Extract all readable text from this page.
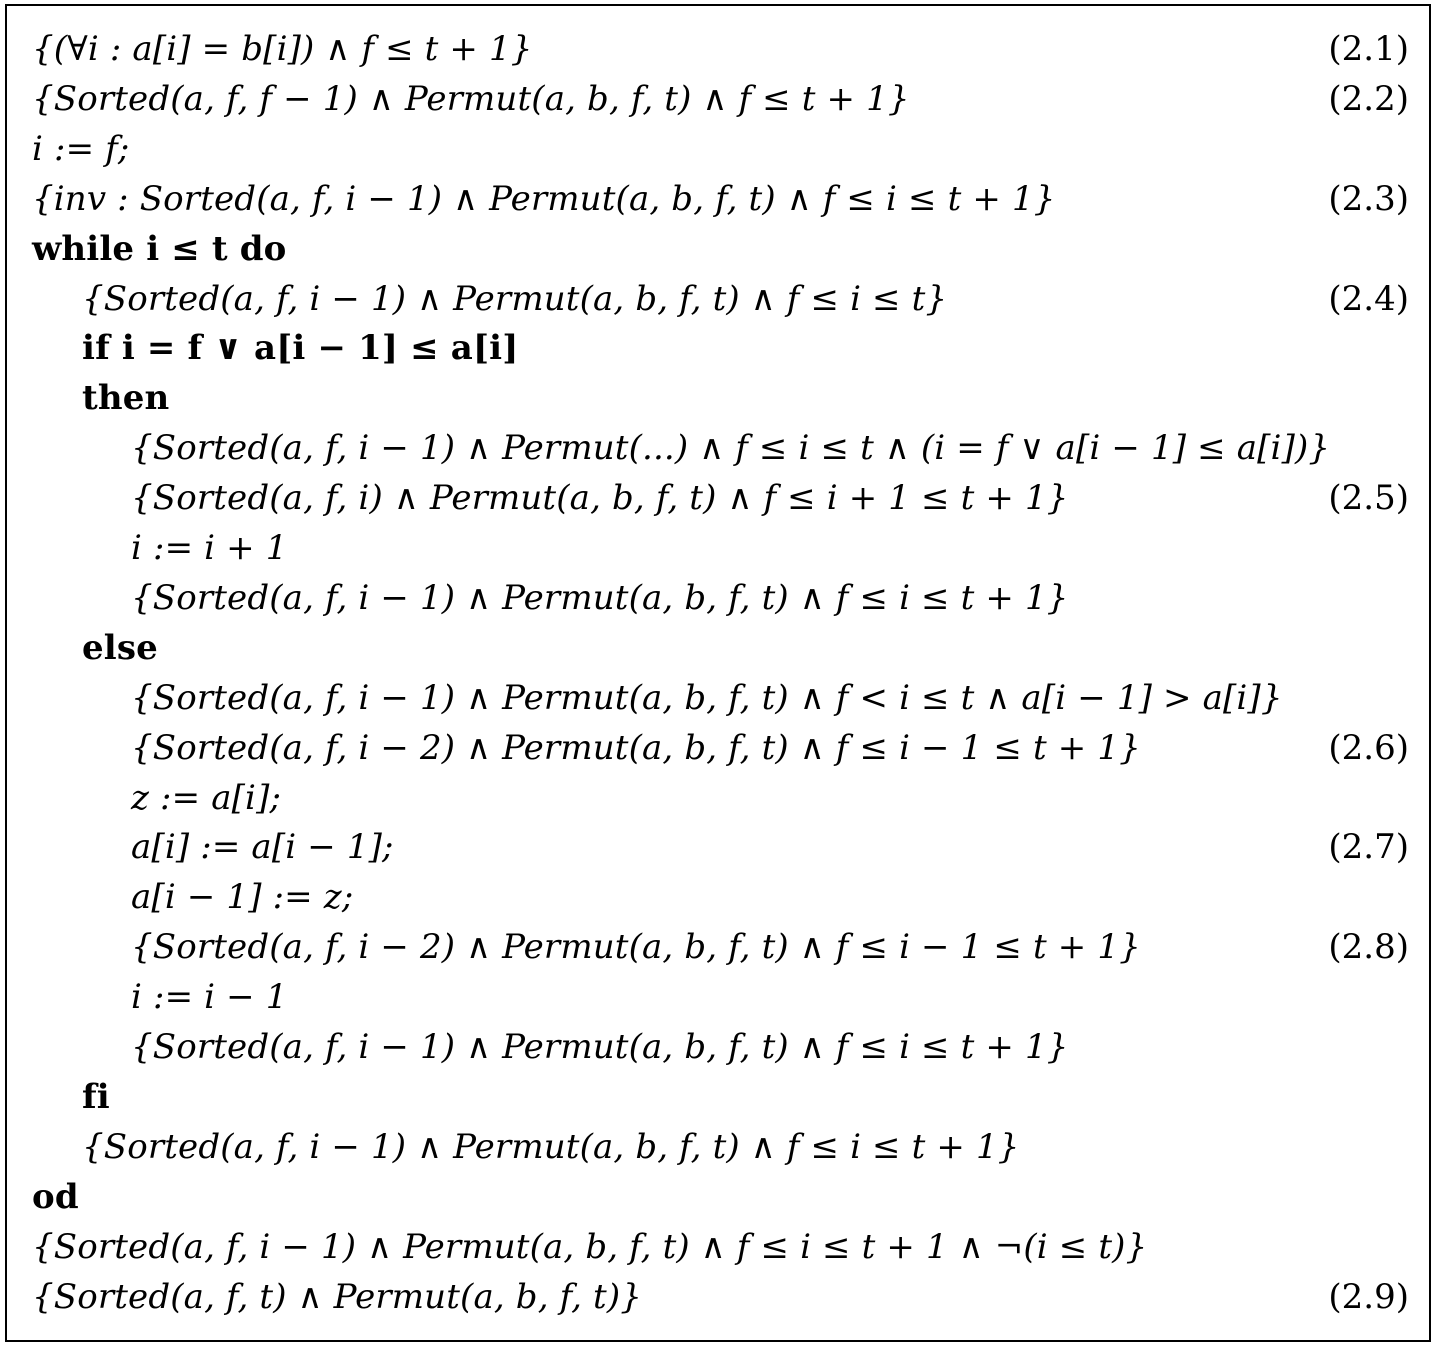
{(∀i : a[i] = b[i]) ∧ f ≤ t + 1}	(2.1)
{Sorted(a, f, f − 1) ∧ Permut(a, b, f, t) ∧ f ≤ t + 1}	(2.2)
i := f;
{inv : Sorted(a, f, i − 1) ∧ Permut(a, b, f, t) ∧ f ≤ i ≤ t + 1}	(2.3)
while i ≤ t do
{Sorted(a, f, i − 1) ∧ Permut(a, b, f, t) ∧ f ≤ i ≤ t}	(2.4)
if i = f ∨ a[i − 1] ≤ a[i]
then
{Sorted(a, f, i − 1) ∧ Permut(...) ∧ f ≤ i ≤ t ∧ (i = f ∨ a[i − 1] ≤ a[i])}
{Sorted(a, f, i) ∧ Permut(a, b, f, t) ∧ f ≤ i + 1 ≤ t + 1}	(2.5)
i := i + 1
{Sorted(a, f, i − 1) ∧ Permut(a, b, f, t) ∧ f ≤ i ≤ t + 1}
else
{Sorted(a, f, i − 1) ∧ Permut(a, b, f, t) ∧ f < i ≤ t ∧ a[i − 1] > a[i]}
{Sorted(a, f, i − 2) ∧ Permut(a, b, f, t) ∧ f ≤ i − 1 ≤ t + 1}	(2.6)
z := a[i];
a[i] := a[i − 1];	(2.7)
a[i − 1] := z;
{Sorted(a, f, i − 2) ∧ Permut(a, b, f, t) ∧ f ≤ i − 1 ≤ t + 1}	(2.8)
i := i − 1
{Sorted(a, f, i − 1) ∧ Permut(a, b, f, t) ∧ f ≤ i ≤ t + 1}
fi
{Sorted(a, f, i − 1) ∧ Permut(a, b, f, t) ∧ f ≤ i ≤ t + 1}
od
{Sorted(a, f, i − 1) ∧ Permut(a, b, f, t) ∧ f ≤ i ≤ t + 1 ∧ ¬(i ≤ t)}
{Sorted(a, f, t) ∧ Permut(a, b, f, t)}	(2.9)
